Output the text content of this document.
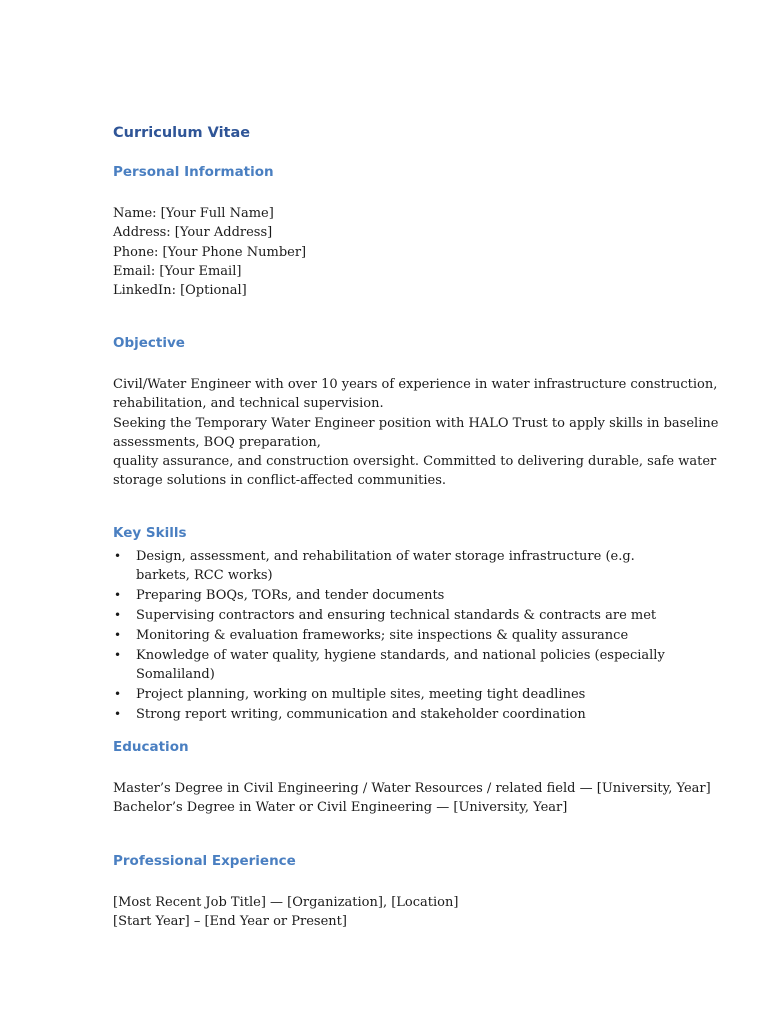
Curriculum Vitae
Personal Information
Name: [Your Full Name]
Address: [Your Address]
Phone: [Your Phone Number]
Email: [Your Email]
LinkedIn: [Optional]
Objective
Civil/Water Engineer with over 10 years of experience in water infrastructure construction,
rehabilitation, and technical supervision.
Seeking the Temporary Water Engineer position with HALO Trust to apply skills in baseline
assessments, BOQ preparation,
quality assurance, and construction oversight. Committed to delivering durable, safe water
storage solutions in conflict-affected communities.
Key Skills
• Design, assessment, and rehabilitation of water storage infrastructure (e.g. barkets, RCC works)
• Preparing BOQs, TORs, and tender documents
• Supervising contractors and ensuring technical standards & contracts are met
• Monitoring & evaluation frameworks; site inspections & quality assurance
• Knowledge of water quality, hygiene standards, and national policies (especially Somaliland)
• Project planning, working on multiple sites, meeting tight deadlines
• Strong report writing, communication and stakeholder coordination
Education
Master’s Degree in Civil Engineering / Water Resources / related field — [University, Year]
Bachelor’s Degree in Water or Civil Engineering — [University, Year]
Professional Experience
[Most Recent Job Title] — [Organization], [Location]
[Start Year] – [End Year or Present]
